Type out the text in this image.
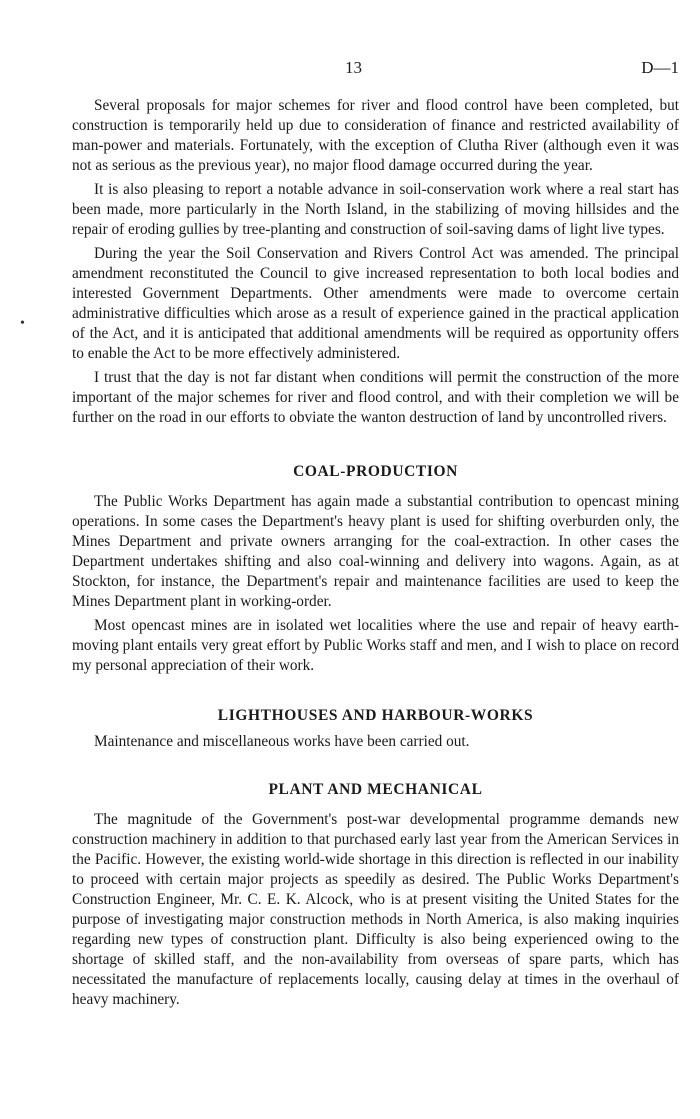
•
13	D—1

Several proposals for major schemes for river and flood control have been completed, but construction is temporarily held up due to consideration of finance and restricted availability of man-power and materials. Fortunately, with the exception of Clutha River (although even it was not as serious as the previous year), no major flood damage occurred during the year.

It is also pleasing to report a notable advance in soil-conservation work where a real start has been made, more particularly in the North Island, in the stabilizing of moving hillsides and the repair of eroding gullies by tree-planting and construction of soil-saving dams of light live types.

During the year the Soil Conservation and Rivers Control Act was amended. The principal amendment reconstituted the Council to give increased representation to both local bodies and interested Government Departments. Other amendments were made to overcome certain administrative difficulties which arose as a result of experience gained in the practical application of the Act, and it is anticipated that additional amendments will be required as opportunity offers to enable the Act to be more effectively administered.

I trust that the day is not far distant when conditions will permit the construction of the more important of the major schemes for river and flood control, and with their completion we will be further on the road in our efforts to obviate the wanton destruction of land by uncontrolled rivers.

COAL-PRODUCTION

The Public Works Department has again made a substantial contribution to opencast mining operations. In some cases the Department's heavy plant is used for shifting overburden only, the Mines Department and private owners arranging for the coal-extraction. In other cases the Department undertakes shifting and also coal-winning and delivery into wagons. Again, as at Stockton, for instance, the Department's repair and maintenance facilities are used to keep the Mines Department plant in working-order.

Most opencast mines are in isolated wet localities where the use and repair of heavy earth-moving plant entails very great effort by Public Works staff and men, and I wish to place on record my personal appreciation of their work.

LIGHTHOUSES AND HARBOUR-WORKS

Maintenance and miscellaneous works have been carried out.

PLANT AND MECHANICAL

The magnitude of the Government's post-war developmental programme demands new construction machinery in addition to that purchased early last year from the American Services in the Pacific. However, the existing world-wide shortage in this direction is reflected in our inability to proceed with certain major projects as speedily as desired. The Public Works Department's Construction Engineer, Mr. C. E. K. Alcock, who is at present visiting the United States for the purpose of investigating major construction methods in North America, is also making inquiries regarding new types of construction plant. Difficulty is also being experienced owing to the shortage of skilled staff, and the non-availability from overseas of spare parts, which has necessitated the manufacture of replacements locally, causing delay at times in the overhaul of heavy machinery.
